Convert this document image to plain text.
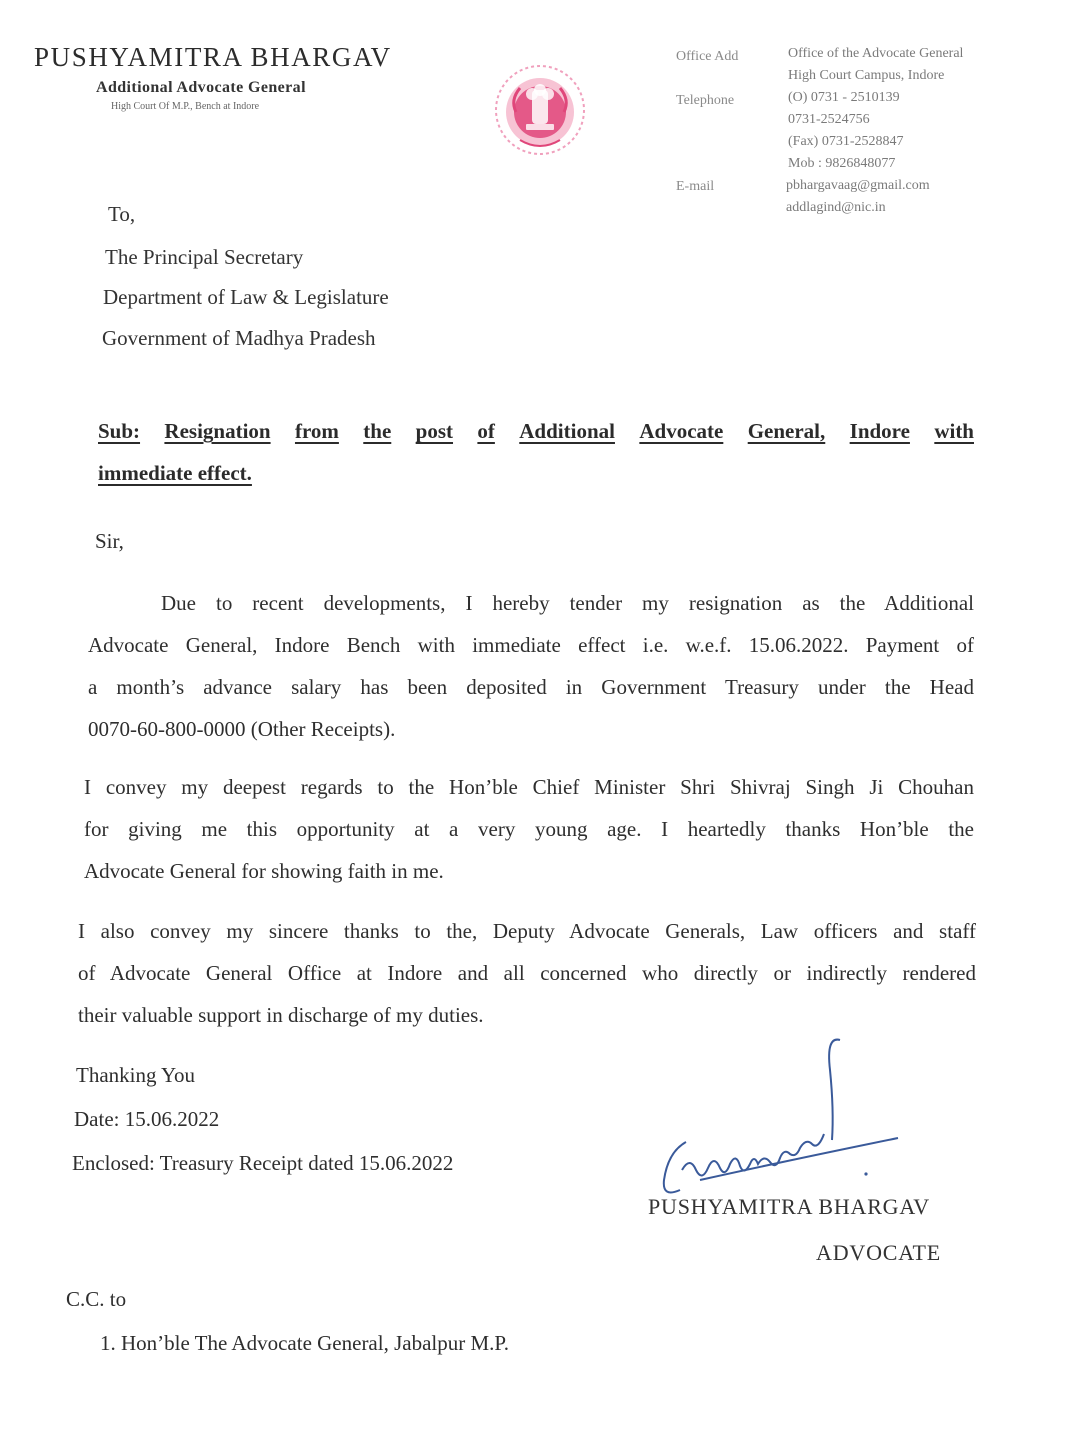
PUSHYAMITRA BHARGAV
Additional Advocate General
High Court Of M.P., Bench at Indore
Office Add	Office of the Advocate General
High Court Campus, Indore
Telephone	(O) 0731 - 2510139
0731-2524756
(Fax) 0731-2528847
Mob : 9826848077
E-mail	pbhargavaag@gmail.com
addlagind@nic.in
To,
The Principal Secretary
Department of Law & Legislature
Government of Madhya Pradesh
Sub: Resignation from the post of Additional Advocate General, Indore with
immediate effect.
Sir,
Due to recent developments, I hereby tender my resignation as the Additional
Advocate General, Indore Bench with immediate effect i.e. w.e.f. 15.06.2022. Payment of
a month’s advance salary has been deposited in Government Treasury under the Head
0070-60-800-0000 (Other Receipts).
I convey my deepest regards to the Hon’ble Chief Minister Shri Shivraj Singh Ji Chouhan
for giving me this opportunity at a very young age. I heartedly thanks Hon’ble the
Advocate General for showing faith in me.
I also convey my sincere thanks to the, Deputy Advocate Generals, Law officers and staff
of Advocate General Office at Indore and all concerned who directly or indirectly rendered
their valuable support in discharge of my duties.
Thanking You
Date: 15.06.2022
Enclosed: Treasury Receipt dated 15.06.2022
PUSHYAMITRA BHARGAV
ADVOCATE
C.C. to
1. Hon’ble The Advocate General, Jabalpur M.P.
